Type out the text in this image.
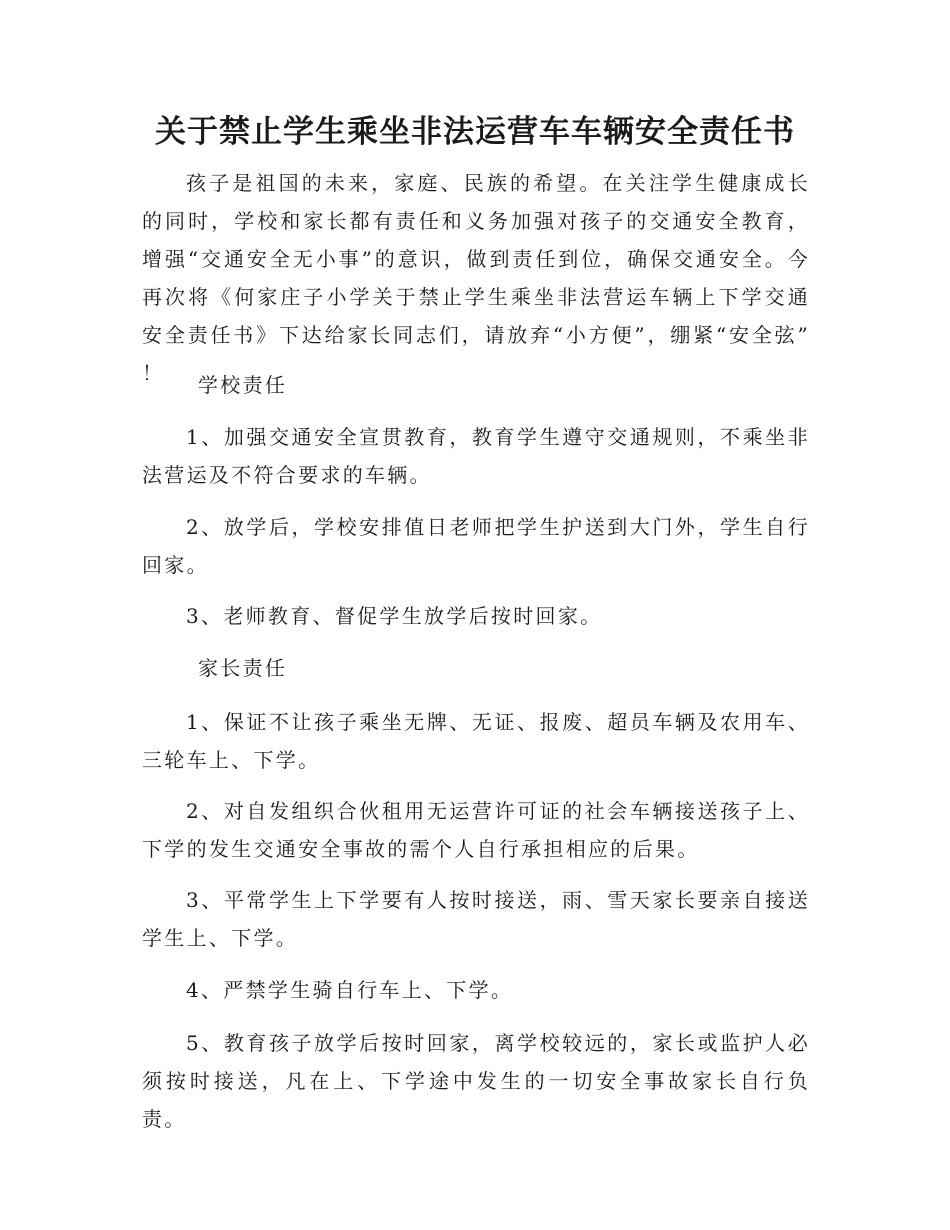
关于禁止学生乘坐非法运营车车辆安全责任书
孩子是祖国的未来，家庭、民族的希望。在关注学生健康成长的同时，学校和家长都有责任和义务加强对孩子的交通安全教育，增强“交通安全无小事”的意识，做到责任到位，确保交通安全。今再次将《何家庄子小学关于禁止学生乘坐非法营运车辆上下学交通安全责任书》下达给家长同志们，请放弃“小方便”，绷紧“安全弦” ！	学校责任
1、加强交通安全宣贯教育，教育学生遵守交通规则，不乘坐非法营运及不符合要求的车辆。
2、放学后，学校安排值日老师把学生护送到大门外，学生自行回家。
3、老师教育、督促学生放学后按时回家。
家长责任
1、保证不让孩子乘坐无牌、无证、报废、超员车辆及农用车、三轮车上、下学。
2、对自发组织合伙租用无运营许可证的社会车辆接送孩子上、下学的发生交通安全事故的需个人自行承担相应的后果。
3、平常学生上下学要有人按时接送，雨、雪天家长要亲自接送学生上、下学。
4、严禁学生骑自行车上、下学。
5、教育孩子放学后按时回家，离学校较远的，家长或监护人必须按时接送，凡在上、下学途中发生的一切安全事故家长自行负责。
